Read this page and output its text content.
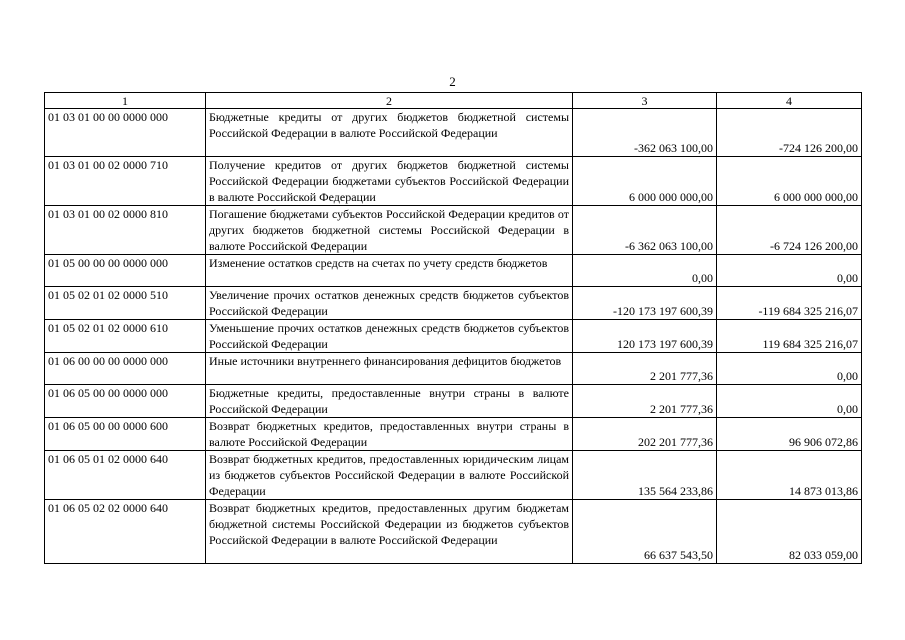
2
1	2	3	4
01 03 01 00 00 0000 000	Бюджетные кредиты от других бюджетов бюджетной системы Российской Федерации в валюте Российской Федерации	-362 063 100,00	-724 126 200,00
01 03 01 00 02 0000 710	Получение кредитов от других бюджетов бюджетной системы Российской Федерации бюджетами субъектов Российской Федерации в валюте Российской Федерации	6 000 000 000,00	6 000 000 000,00
01 03 01 00 02 0000 810	Погашение бюджетами субъектов Российской Федерации кредитов от других бюджетов бюджетной системы Российской Федерации в валюте Российской Федерации	-6 362 063 100,00	-6 724 126 200,00
01 05 00 00 00 0000 000	Изменение остатков средств на счетах по учету средств бюджетов	0,00	0,00
01 05 02 01 02 0000 510	Увеличение прочих остатков денежных средств бюджетов субъектов Российской Федерации	-120 173 197 600,39	-119 684 325 216,07
01 05 02 01 02 0000 610	Уменьшение прочих остатков денежных средств бюджетов субъектов Российской Федерации	120 173 197 600,39	119 684 325 216,07
01 06 00 00 00 0000 000	Иные источники внутреннего финансирования дефицитов бюджетов	2 201 777,36	0,00
01 06 05 00 00 0000 000	Бюджетные кредиты, предоставленные внутри страны в валюте Российской Федерации	2 201 777,36	0,00
01 06 05 00 00 0000 600	Возврат бюджетных кредитов, предоставленных внутри страны в валюте Российской Федерации	202 201 777,36	96 906 072,86
01 06 05 01 02 0000 640	Возврат бюджетных кредитов, предоставленных юридическим лицам из бюджетов субъектов Российской Федерации в валюте Российской Федерации	135 564 233,86	14 873 013,86
01 06 05 02 02 0000 640	Возврат бюджетных кредитов, предоставленных другим бюджетам бюджетной системы Российской Федерации из бюджетов субъектов Российской Федерации в валюте Российской Федерации	66 637 543,50	82 033 059,00
